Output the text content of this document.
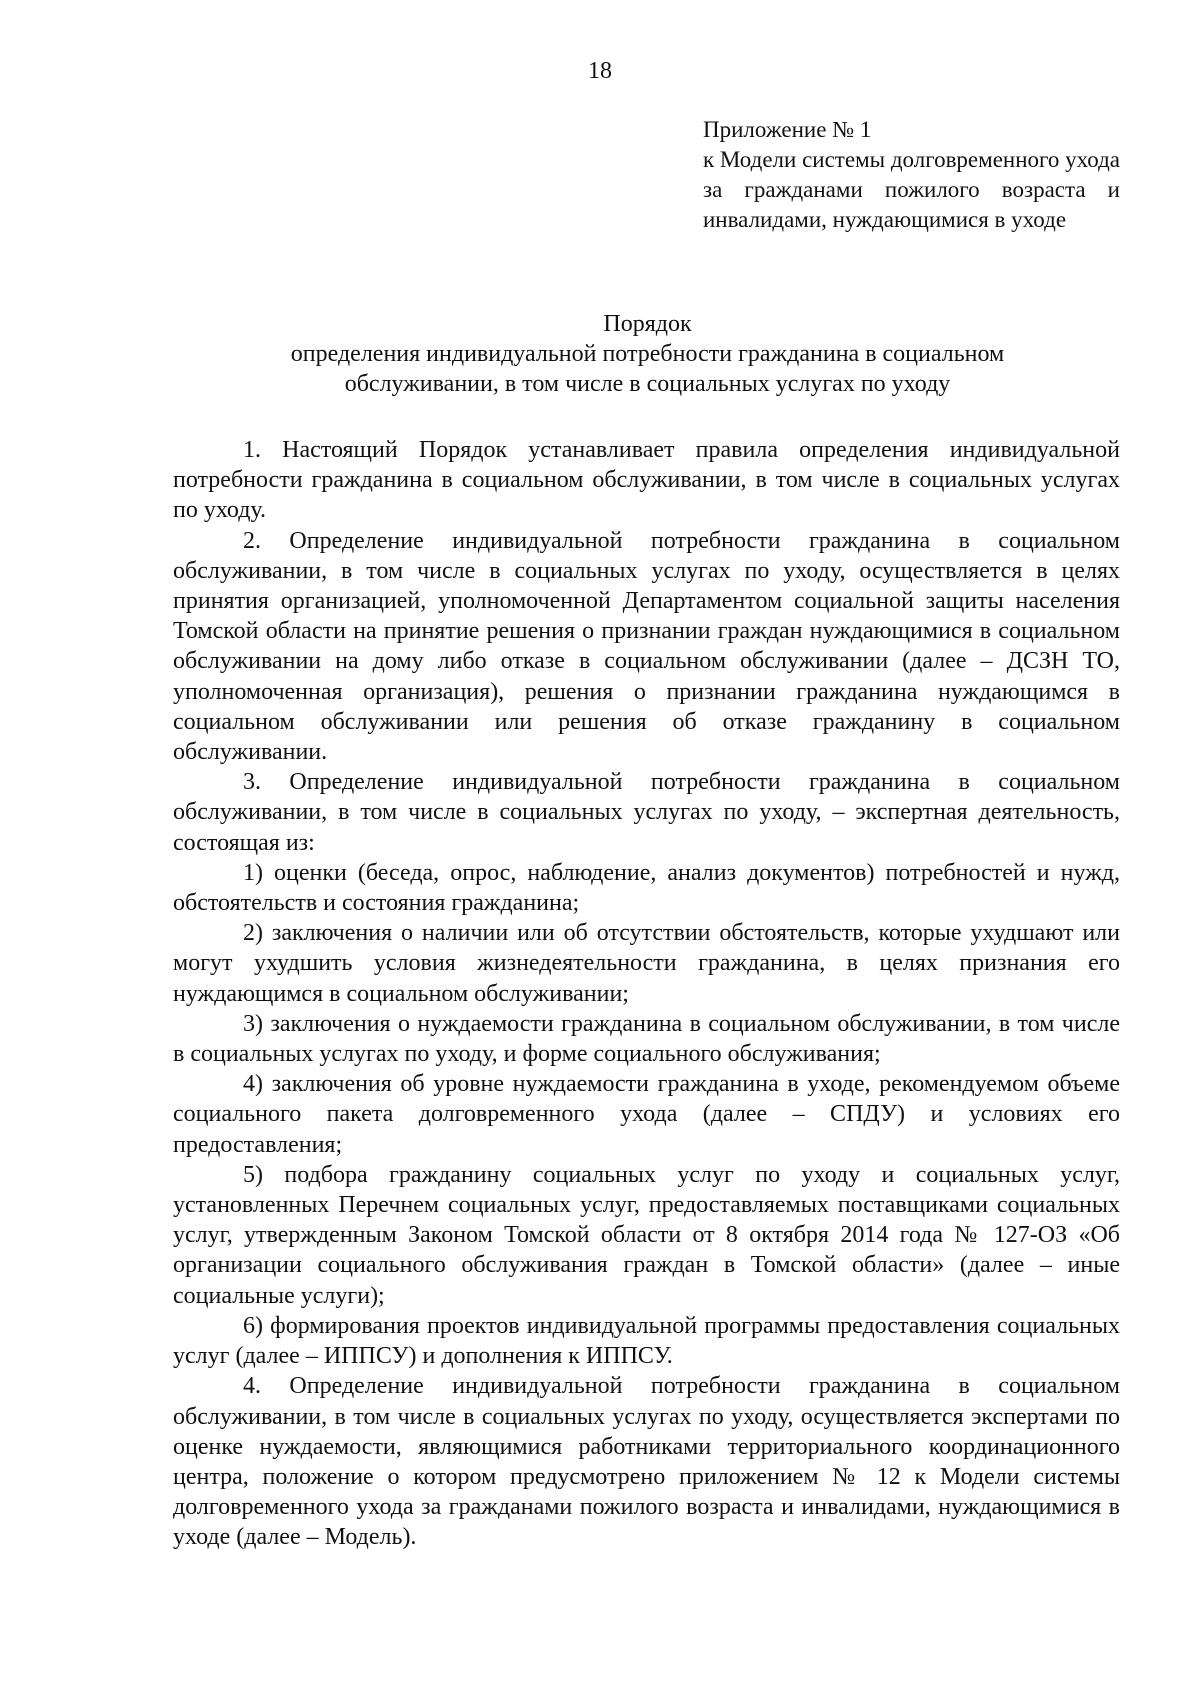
18
Приложение № 1
к Модели системы долговременного ухода за гражданами пожилого возраста и инвалидами, нуждающимися в уходе
Порядок
определения индивидуальной потребности гражданина в социальном
обслуживании, в том числе в социальных услугах по уходу

1. Настоящий Порядок устанавливает правила определения индивидуальной потребности гражданина в социальном обслуживании, в том числе в социальных услугах по уходу.

2. Определение индивидуальной потребности гражданина в социальном обслуживании, в том числе в социальных услугах по уходу, осуществляется в целях принятия организацией, уполномоченной Департаментом социальной защиты населения Томской области на принятие решения о признании граждан нуждающимися в социальном обслуживании на дому либо отказе в социальном обслуживании (далее – ДСЗН ТО, уполномоченная организация), решения о признании гражданина нуждающимся в социальном обслуживании или решения об отказе гражданину в социальном обслуживании.

3. Определение индивидуальной потребности гражданина в социальном обслуживании, в том числе в социальных услугах по уходу, – экспертная деятельность, состоящая из:

1) оценки (беседа, опрос, наблюдение, анализ документов) потребностей и нужд, обстоятельств и состояния гражданина;

2) заключения о наличии или об отсутствии обстоятельств, которые ухудшают или могут ухудшить условия жизнедеятельности гражданина, в целях признания его нуждающимся в социальном обслуживании;

3) заключения о нуждаемости гражданина в социальном обслуживании, в том числе в социальных услугах по уходу, и форме социального обслуживания;

4) заключения об уровне нуждаемости гражданина в уходе, рекомендуемом объеме социального пакета долговременного ухода (далее – СПДУ) и условиях его предоставления;

5) подбора гражданину социальных услуг по уходу и социальных услуг, установленных Перечнем социальных услуг, предоставляемых поставщиками социальных услуг, утвержденным Законом Томской области от 8 октября 2014 года № 127-ОЗ «Об организации социального обслуживания граждан в Томской области» (далее – иные социальные услуги);

6) формирования проектов индивидуальной программы предоставления социальных услуг (далее – ИППСУ) и дополнения к ИППСУ.

4. Определение индивидуальной потребности гражданина в социальном обслуживании, в том числе в социальных услугах по уходу, осуществляется экспертами по оценке нуждаемости, являющимися работниками территориального координационного центра, положение о котором предусмотрено приложением № 12 к Модели системы долговременного ухода за гражданами пожилого возраста и инвалидами, нуждающимися в уходе (далее – Модель).
